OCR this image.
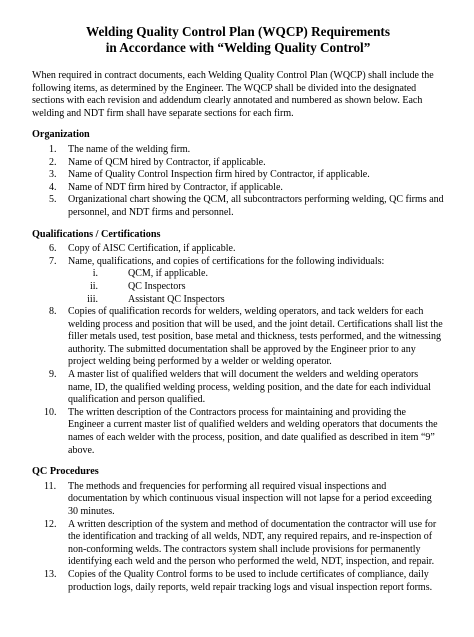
Welding Quality Control Plan (WQCP) Requirements
in Accordance with “Welding Quality Control”

When required in contract documents, each Welding Quality Control Plan (WQCP) shall include the following items, as determined by the Engineer. The WQCP shall be divided into the designated sections with each revision and addendum clearly annotated and numbered as shown below. Each welding and NDT firm shall have separate sections for each firm.

Organization
1. The name of the welding firm.
2. Name of QCM hired by Contractor, if applicable.
3. Name of Quality Control Inspection firm hired by Contractor, if applicable.
4. Name of NDT firm hired by Contractor, if applicable.
5. Organizational chart showing the QCM, all subcontractors performing welding, QC firms and personnel, and NDT firms and personnel.
Qualifications / Certifications
6. Copy of AISC Certification, if applicable.
7. Name, qualifications, and copies of certifications for the following individuals:
i.	QCM, if applicable.
ii.	QC Inspectors
iii.	Assistant QC Inspectors
8. Copies of qualification records for welders, welding operators, and tack welders for each welding process and position that will be used, and the joint detail. Certifications shall list the filler metals used, test position, base metal and thickness, tests performed, and the witnessing authority. The submitted documentation shall be approved by the Engineer prior to any project welding being performed by a welder or welding operator.
9. A master list of qualified welders that will document the welders and welding operators name, ID, the qualified welding process, welding position, and the date for each individual qualification and person qualified.
10. The written description of the Contractors process for maintaining and providing the Engineer a current master list of qualified welders and welding operators that documents the names of each welder with the process, position, and date qualified as described in item “9” above.
QC Procedures
11. The methods and frequencies for performing all required visual inspections and documentation by which continuous visual inspection will not lapse for a period exceeding 30 minutes.
12. A written description of the system and method of documentation the contractor will use for the identification and tracking of all welds, NDT, any required repairs, and re-inspection of non-conforming welds. The contractors system shall include provisions for permanently identifying each weld and the person who performed the weld, NDT, inspection, and repair.
13. Copies of the Quality Control forms to be used to include certificates of compliance, daily production logs, daily reports, weld repair tracking logs and visual inspection report forms.
